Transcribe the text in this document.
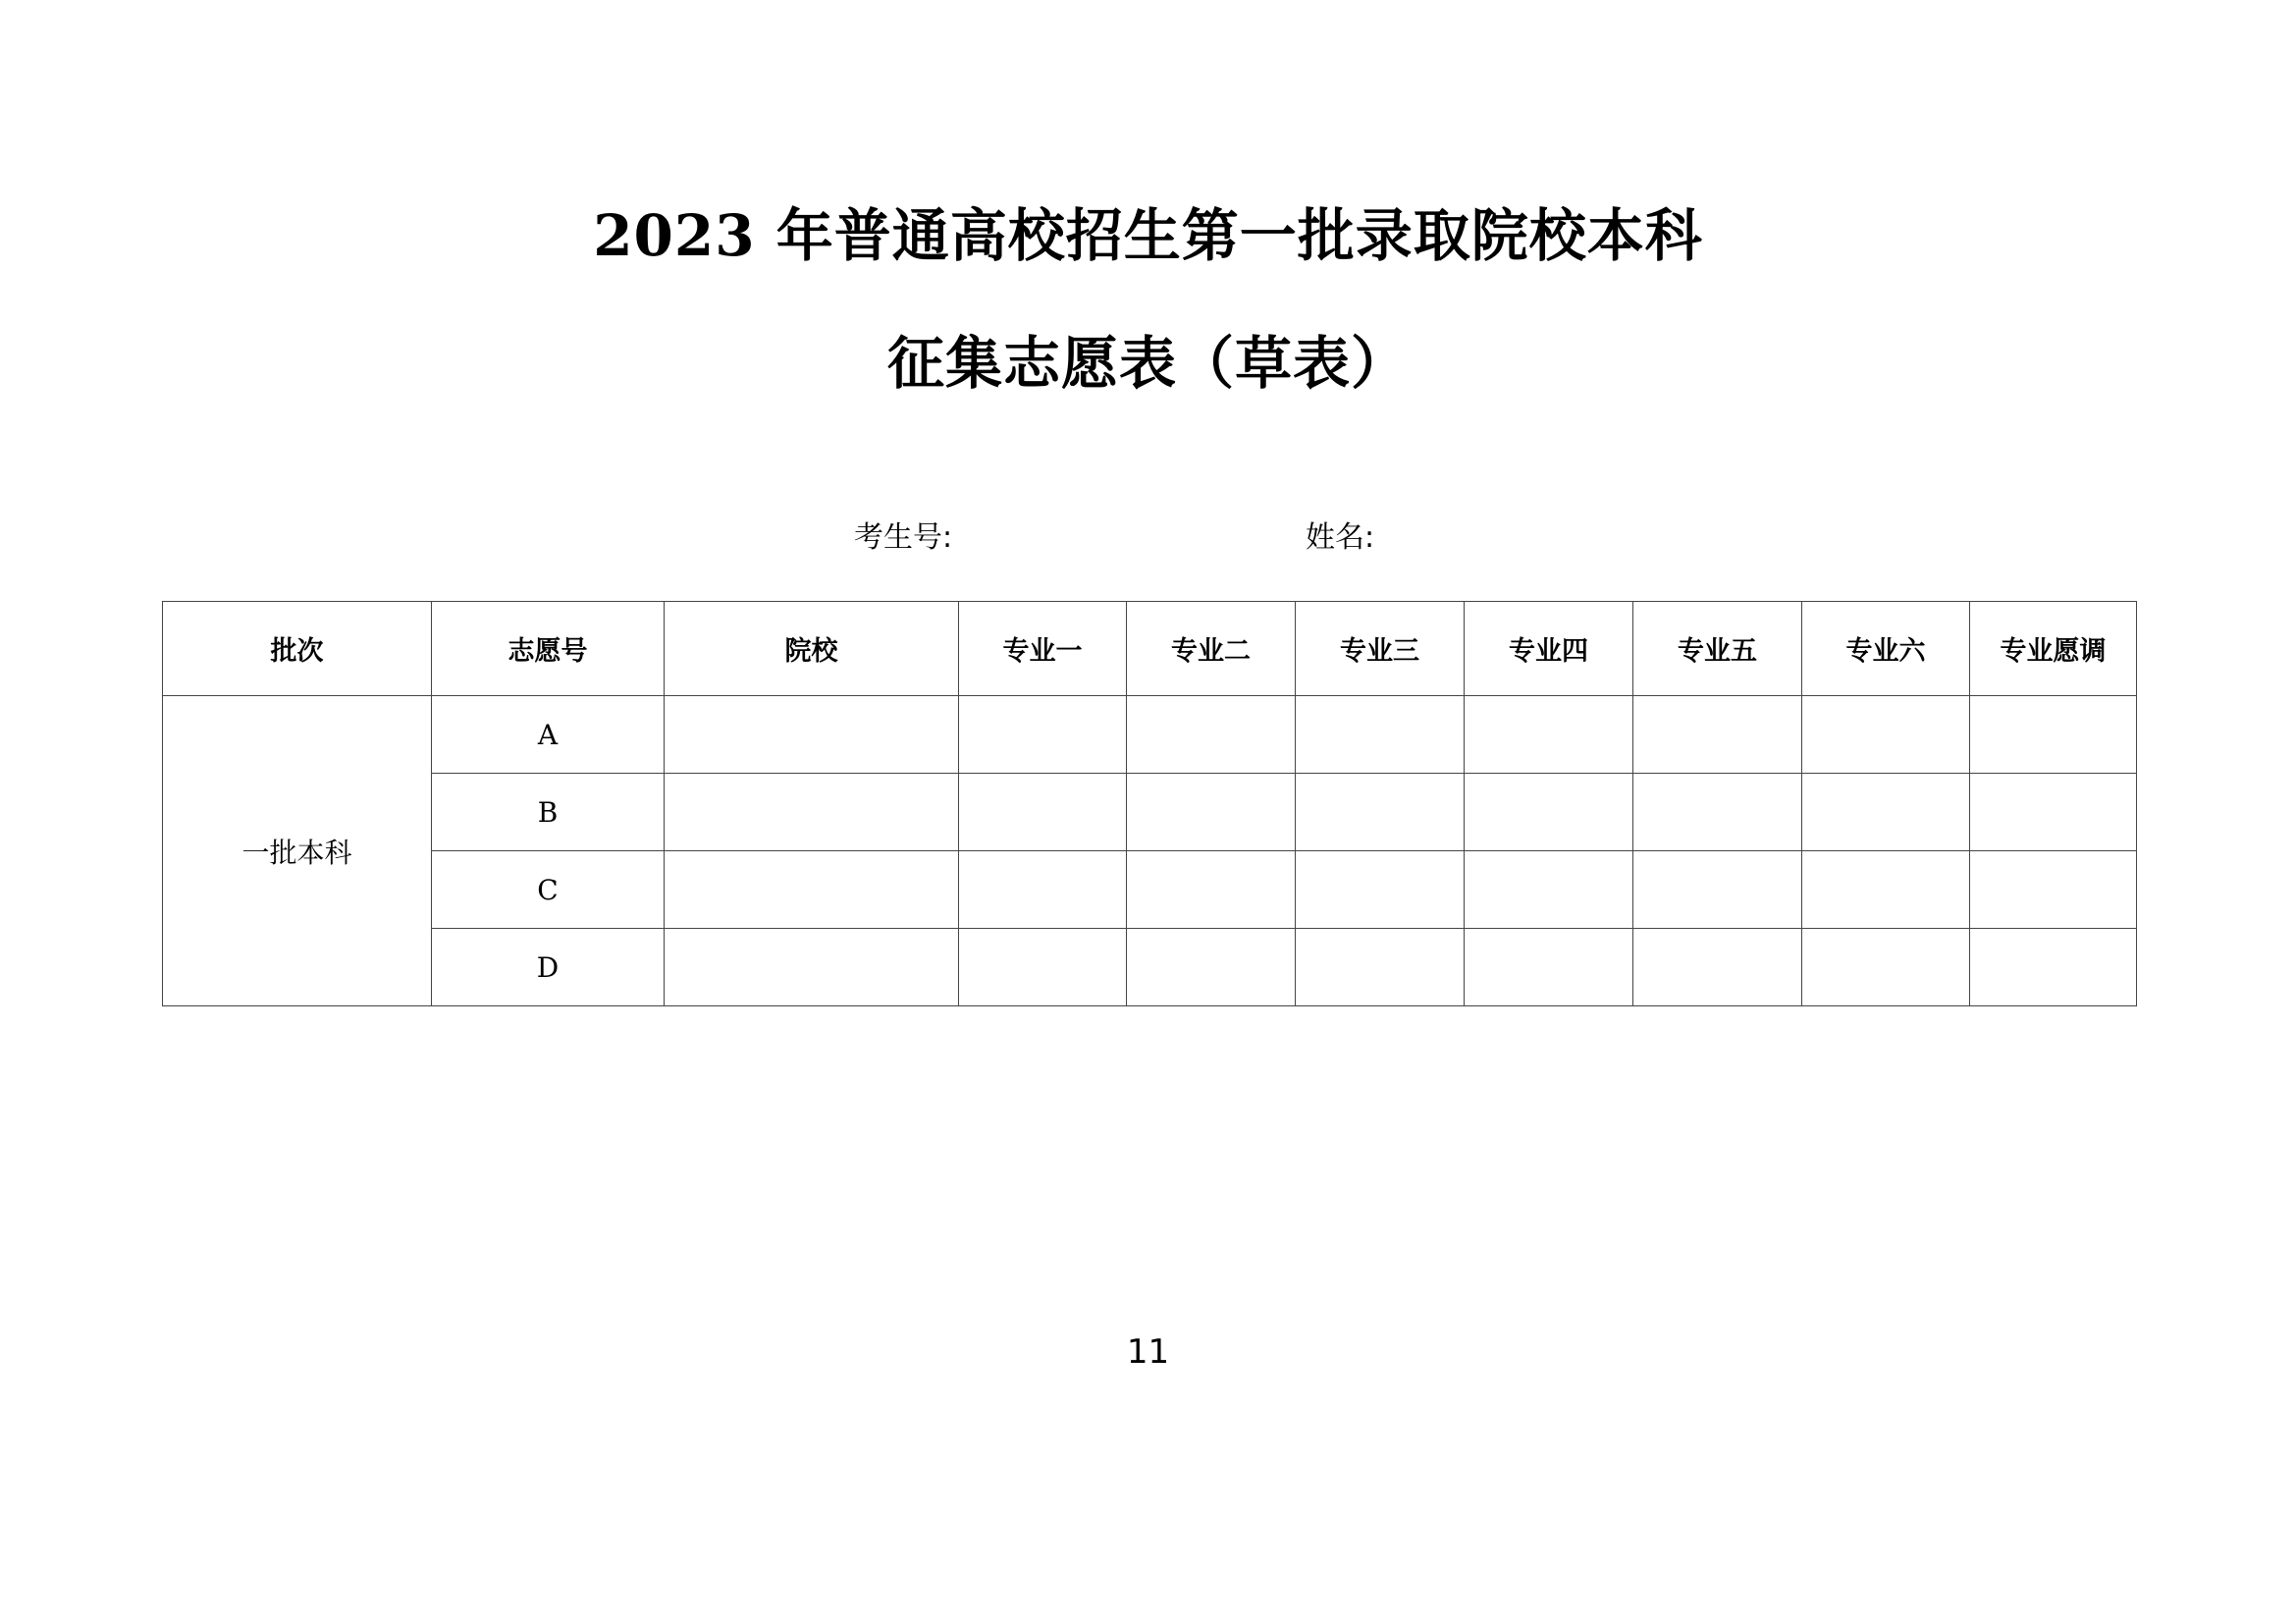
2023 年普通高校招生第一批录取院校本科
征集志愿表（草表）
考生号:	姓名:
批次	志愿号	院校	专业一	专业二	专业三	专业四	专业五	专业六	专业愿调
一批本科	A								
	B								
	C								
	D								
11
